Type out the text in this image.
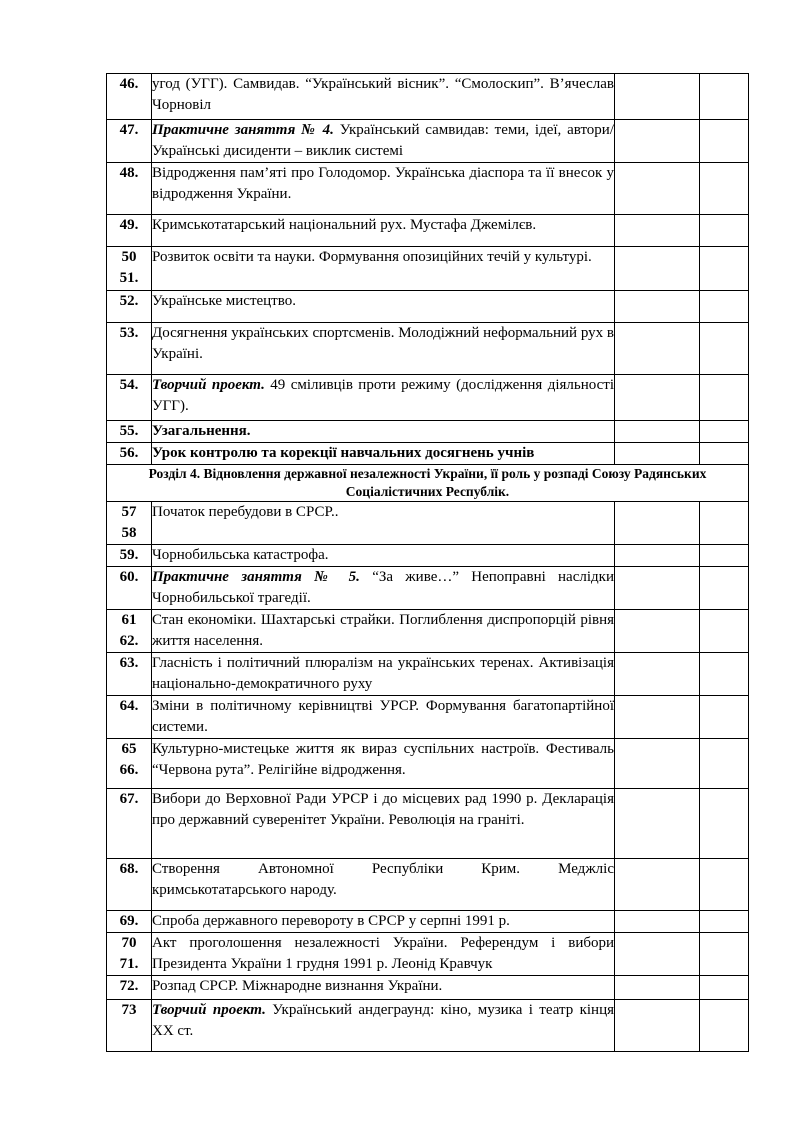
46.	угод (УГГ). Самвидав. “Український вісник”. “Смолоскип”. В’ячеслав Чорновіл		

47.	Практичне заняття № 4. Український самвидав: теми, ідеї, автори/Українські дисиденти – виклик системі		

48.	Відродження пам’яті про Голодомор. Українська діаспора та її внесок у відродження України.		

49.	Кримськотатарський національний рух. Мустафа Джемілєв.		

50
51.	Розвиток освіти та науки. Формування опозиційних течій у культурі.		

52.	Українське мистецтво.		

53.	Досягнення українських спортсменів. Молодіжний неформальний рух в Україні.		

54.	Творчий проект. 49 сміливців проти режиму (дослідження діяльності УГГ).		

55.	Узагальнення.		

56.	Урок контролю та корекції навчальних досягнень учнів		
Розділ 4. Відновлення державної незалежності України, її роль у розпаді Союзу Радянських Соціалістичних Республік.			

57
58	Початок перебудови в СРСР..		

59.	Чорнобильська катастрофа.		

60.	Практичне заняття № 5. “За живе…” Непоправні наслідки Чорнобильської трагедії.		

61
62.	Стан економіки. Шахтарські страйки. Поглиблення диспропорцій рівня життя населення.		

63.	Гласність і політичний плюралізм на українських теренах. Активізація національно-демократичного руху		

64.	Зміни в політичному керівництві УРСР. Формування багатопартійної системи.		

65
66.	Культурно-мистецьке життя як вираз суспільних настроїв. Фестиваль “Червона рута”. Релігійне відродження.		

67.	Вибори до Верховної Ради УРСР і до місцевих рад 1990 р. Декларація про державний суверенітет України. Революція на граніті.		

68.	Створення Автономної Республіки Крим. Меджліс кримськотатарського народу.		

69.	Спроба державного перевороту в СРСР у серпні 1991 р.		

70
71.	Акт проголошення незалежності України. Референдум і вибори Президента України 1 грудня 1991 р. Леонід Кравчук		

72.	Розпад СРСР. Міжнародне визнання України.		

73	Творчий проект. Український андеграунд: кіно, музика і театр кінця ХХ ст.		
